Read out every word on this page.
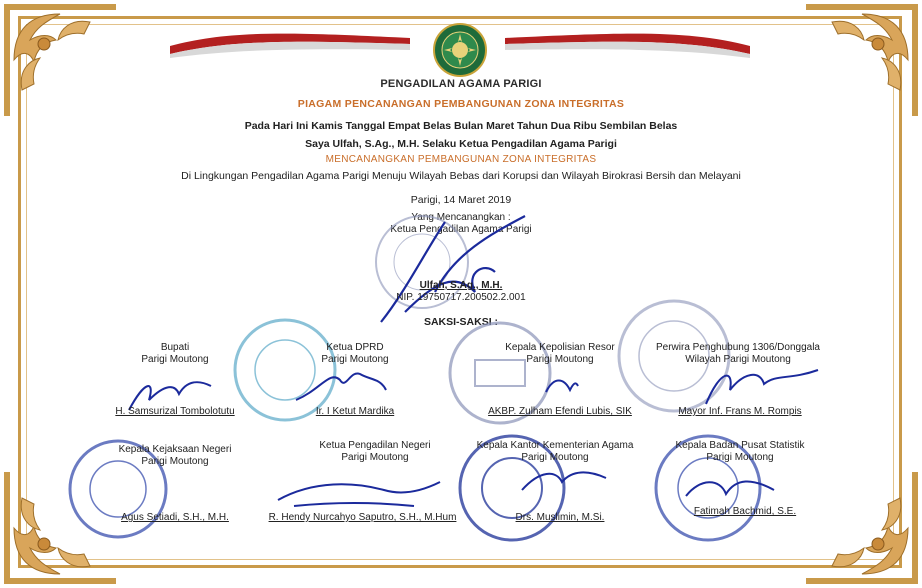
PENGADILAN AGAMA PARIGI
PIAGAM PENCANANGAN PEMBANGUNAN ZONA INTEGRITAS
Pada Hari Ini Kamis Tanggal Empat Belas Bulan Maret Tahun Dua Ribu Sembilan Belas
Saya Ulfah, S.Ag., M.H. Selaku Ketua Pengadilan Agama Parigi
MENCANANGKAN PEMBANGUNAN ZONA INTEGRITAS
Di Lingkungan Pengadilan Agama Parigi Menuju Wilayah Bebas dari Korupsi dan Wilayah Birokrasi Bersih dan Melayani
Parigi, 14 Maret 2019
Yang Mencanangkan :
Ketua Pengadilan Agama Parigi
Ulfah, S.Ag., M.H.
NIP. 19750717.200502.2.001
SAKSI-SAKSI :
Bupati
Parigi Moutong
H. Samsurizal Tombolotutu
Ketua DPRD
Parigi Moutong
Ir. I Ketut Mardika
Kepala Kepolisian Resor
Parigi Moutong
AKBP. Zulham Efendi Lubis, SIK
Perwira Penghubung 1306/Donggala
Wilayah Parigi Moutong
Mayor Inf. Frans M. Rompis
Kepala Kejaksaan Negeri
Parigi Moutong
Agus Setiadi, S.H., M.H.
Ketua Pengadilan Negeri
Parigi Moutong
R. Hendy Nurcahyo Saputro, S.H., M.Hum
Kepala Kantor Kementerian Agama
Parigi Moutong
Drs. Muslimin, M.Si.
Kepala Badan Pusat Statistik
Parigi Moutong
Fatimah Bachmid, S.E.
